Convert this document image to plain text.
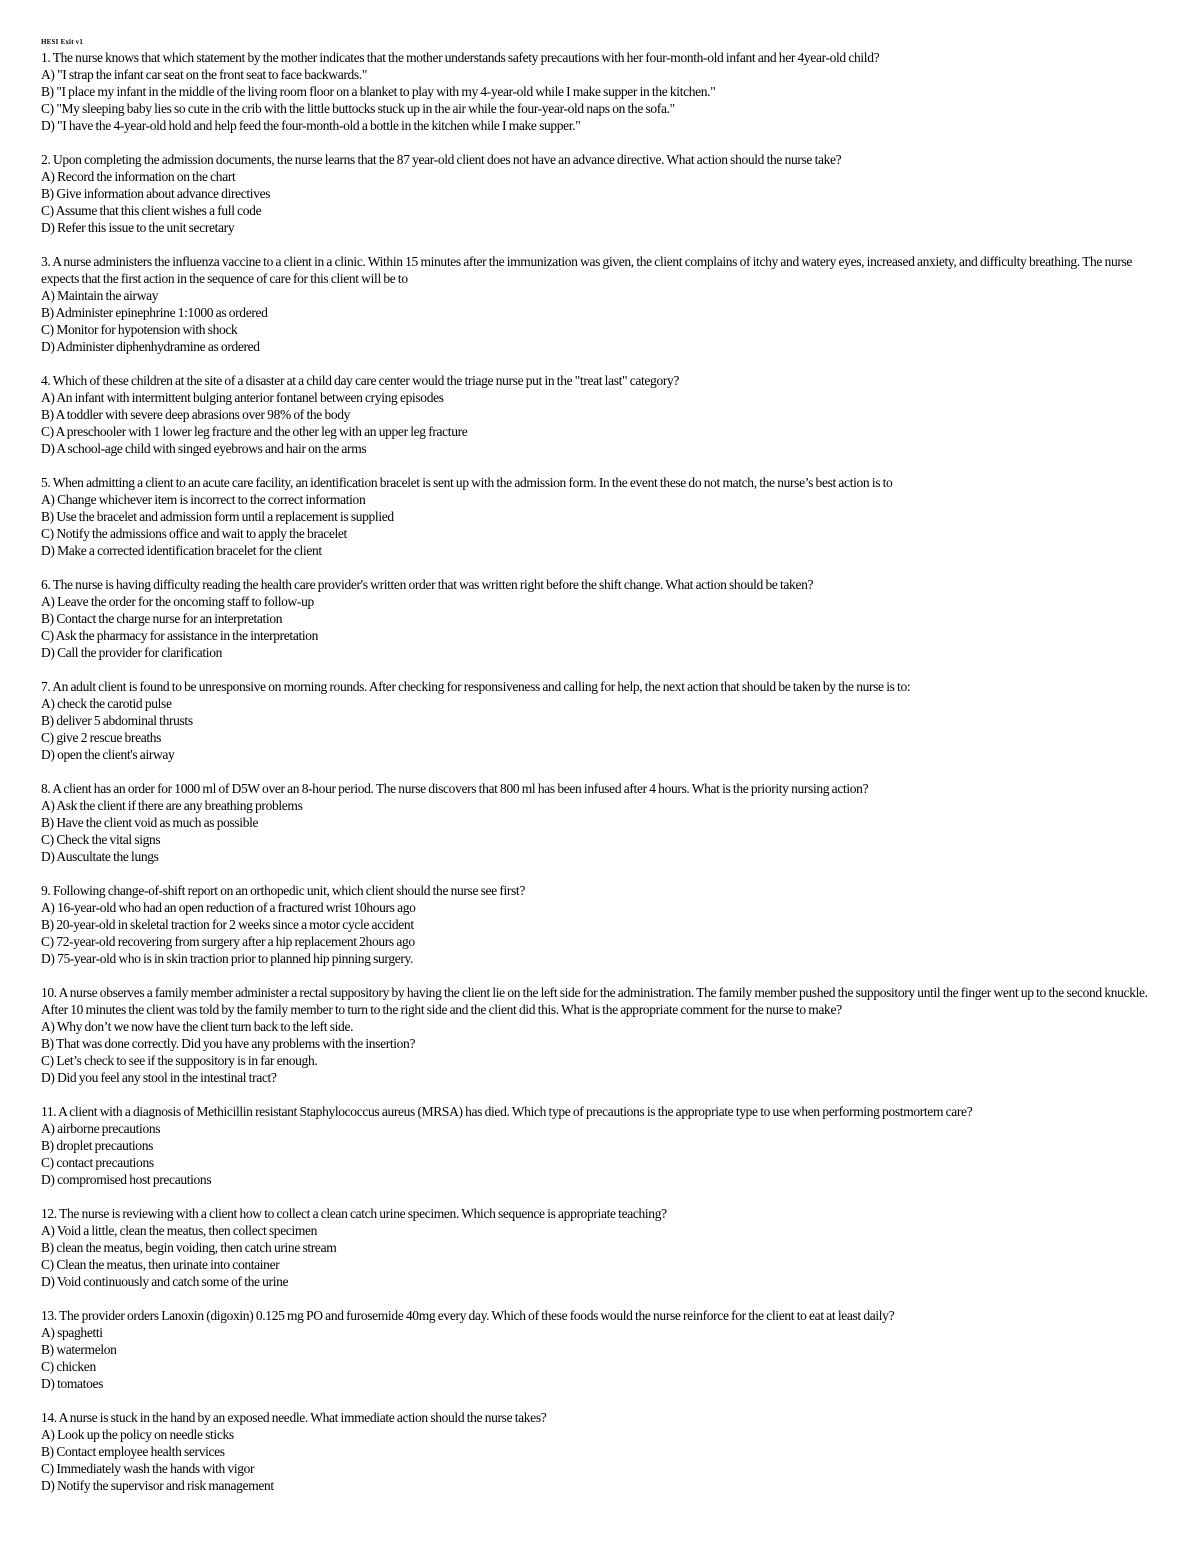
HESI Exit v1
1. The nurse knows that which statement by the mother indicates that the mother understands safety precautions with her four-month-old infant and her 4year-old child?
A) "I strap the infant car seat on the front seat to face backwards."
B) "I place my infant in the middle of the living room floor on a blanket to play with my 4-year-old while I make supper in the kitchen."
C) "My sleeping baby lies so cute in the crib with the little buttocks stuck up in the air while the four-year-old naps on the sofa."
D) "I have the 4-year-old hold and help feed the four-month-old a bottle in the kitchen while I make supper."
2. Upon completing the admission documents, the nurse learns that the 87 year-old client does not have an advance directive. What action should the nurse take?
A) Record the information on the chart
B) Give information about advance directives
C) Assume that this client wishes a full code
D) Refer this issue to the unit secretary
3. A nurse administers the influenza vaccine to a client in a clinic. Within 15 minutes after the immunization was given, the client complains of itchy and watery eyes, increased anxiety, and difficulty breathing. The nurse expects that the first action in the sequence of care for this client will be to
A) Maintain the airway
B) Administer epinephrine 1:1000 as ordered
C) Monitor for hypotension with shock
D) Administer diphenhydramine as ordered
4. Which of these children at the site of a disaster at a child day care center would the triage nurse put in the "treat last" category?
A) An infant with intermittent bulging anterior fontanel between crying episodes
B) A toddler with severe deep abrasions over 98% of the body
C) A preschooler with 1 lower leg fracture and the other leg with an upper leg fracture
D) A school-age child with singed eyebrows and hair on the arms
5. When admitting a client to an acute care facility, an identification bracelet is sent up with the admission form. In the event these do not match, the nurse’s best action is to
A) Change whichever item is incorrect to the correct information
B) Use the bracelet and admission form until a replacement is supplied
C) Notify the admissions office and wait to apply the bracelet
D) Make a corrected identification bracelet for the client
6. The nurse is having difficulty reading the health care provider's written order that was written right before the shift change. What action should be taken?
A) Leave the order for the oncoming staff to follow-up
B) Contact the charge nurse for an interpretation
C) Ask the pharmacy for assistance in the interpretation
D) Call the provider for clarification
7. An adult client is found to be unresponsive on morning rounds. After checking for responsiveness and calling for help, the next action that should be taken by the nurse is to:
A) check the carotid pulse
B) deliver 5 abdominal thrusts
C) give 2 rescue breaths
D) open the client's airway
8. A client has an order for 1000 ml of D5W over an 8-hour period. The nurse discovers that 800 ml has been infused after 4 hours. What is the priority nursing action?
A) Ask the client if there are any breathing problems
B) Have the client void as much as possible
C) Check the vital signs
D) Auscultate the lungs
9. Following change-of-shift report on an orthopedic unit, which client should the nurse see first?
A) 16-year-old who had an open reduction of a fractured wrist 10hours ago
B) 20-year-old in skeletal traction for 2 weeks since a motor cycle accident
C) 72-year-old recovering from surgery after a hip replacement 2hours ago
D) 75-year-old who is in skin traction prior to planned hip pinning surgery.
10. A nurse observes a family member administer a rectal suppository by having the client lie on the left side for the administration. The family member pushed the suppository until the finger went up to the second knuckle. After 10 minutes the client was told by the family member to turn to the right side and the client did this. What is the appropriate comment for the nurse to make?
A) Why don’t we now have the client turn back to the left side.
B) That was done correctly. Did you have any problems with the insertion?
C) Let’s check to see if the suppository is in far enough.
D) Did you feel any stool in the intestinal tract?
11. A client with a diagnosis of Methicillin resistant Staphylococcus aureus (MRSA) has died. Which type of precautions is the appropriate type to use when performing postmortem care?
A) airborne precautions
B) droplet precautions
C) contact precautions
D) compromised host precautions
12. The nurse is reviewing with a client how to collect a clean catch urine specimen. Which sequence is appropriate teaching?
A) Void a little, clean the meatus, then collect specimen
B) clean the meatus, begin voiding, then catch urine stream
C) Clean the meatus, then urinate into container
D) Void continuously and catch some of the urine
13. The provider orders Lanoxin (digoxin) 0.125 mg PO and furosemide 40mg every day. Which of these foods would the nurse reinforce for the client to eat at least daily?
A) spaghetti
B) watermelon
C) chicken
D) tomatoes
14. A nurse is stuck in the hand by an exposed needle. What immediate action should the nurse takes?
A) Look up the policy on needle sticks
B) Contact employee health services
C) Immediately wash the hands with vigor
D) Notify the supervisor and risk management
